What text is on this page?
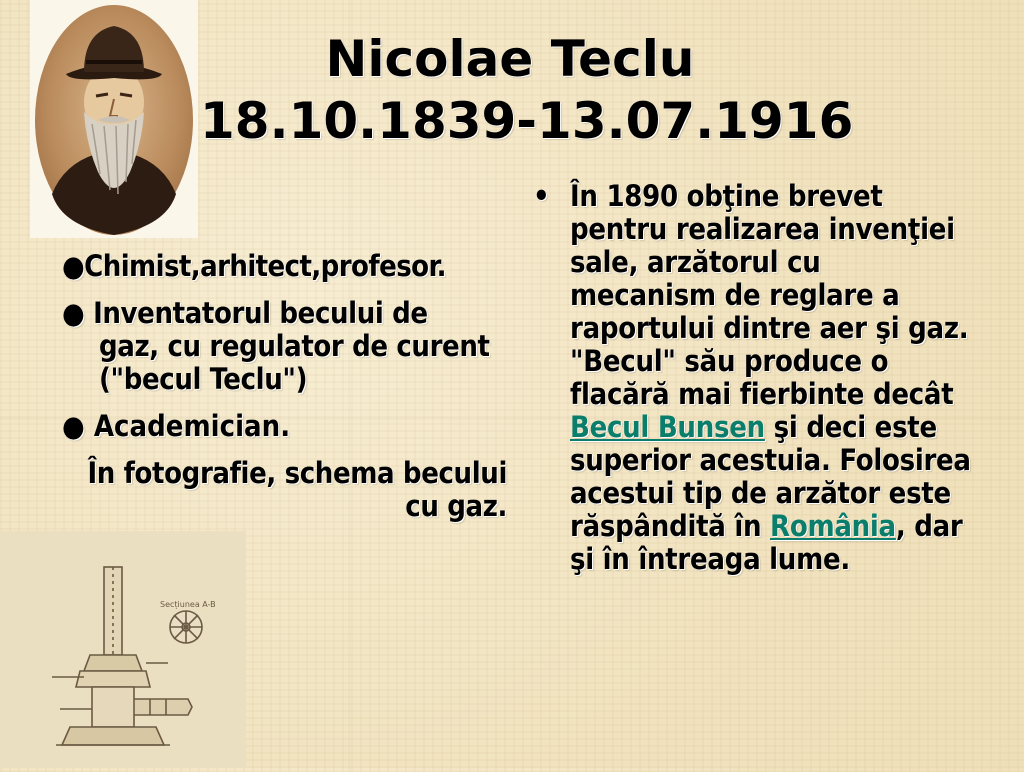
Nicolae Teclu
18.10.1839-13.07.1916
●Chimist,arhitect,profesor.
● Inventatorul becului de
gaz, cu regulator de curent ("becul Teclu")
● Academician.
În fotografie, schema becului cu gaz.
Secțiunea A-B
• În 1890 obţine brevet pentru realizarea invenţiei sale, arzătorul cu mecanism de reglare a raportului dintre aer şi gaz. "Becul" său produce o flacără mai fierbinte decât Becul Bunsen şi deci este superior acestuia. Folosirea acestui tip de arzător este răspândită în România, dar şi în întreaga lume.
